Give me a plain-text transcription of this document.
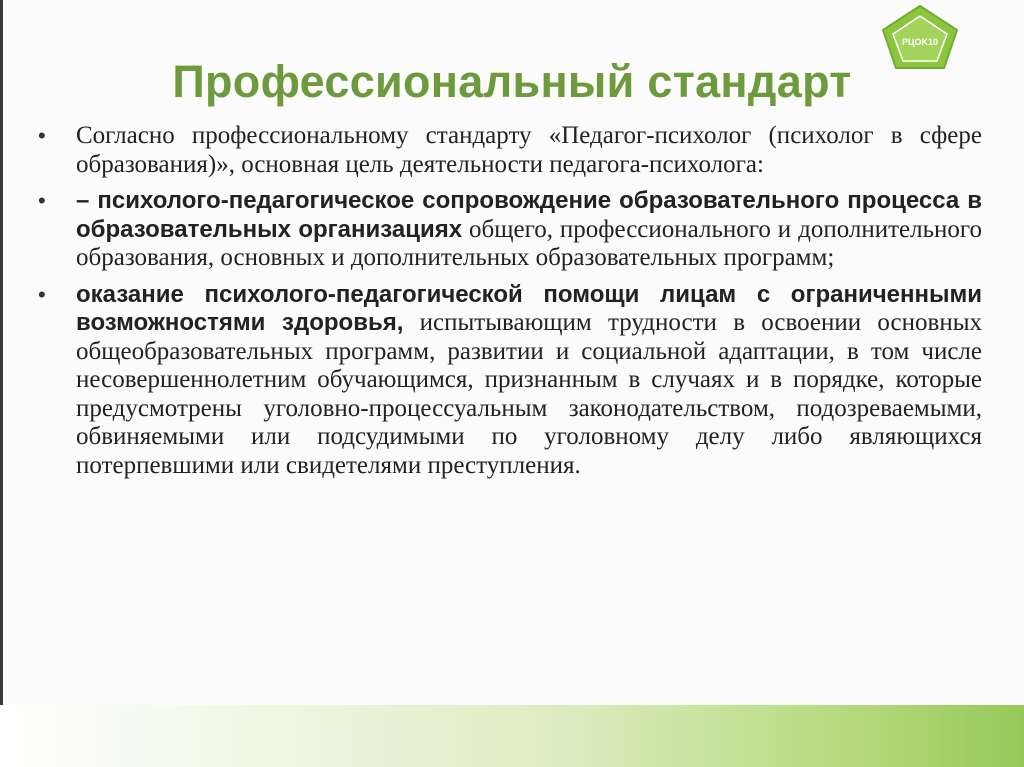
PЦOK10
Профессиональный стандарт
• Согласно профессиональному стандарту «Педагог-психолог (психолог в сфере образования)», основная цель деятельности педагога-психолога:
• – психолого-педагогическое сопровождение образовательного процесса в образовательных организациях общего, профессионального и дополнительного образования, основных и дополнительных образовательных программ;
• оказание психолого-педагогической помощи лицам с ограниченными возможностями здоровья, испытывающим трудности в освоении основных общеобразовательных программ, развитии и социальной адаптации, в том числе несовершеннолетним обучающимся, признанным в случаях и в порядке, которые предусмотрены уголовно-процессуальным законодательством, подозреваемыми, обвиняемыми или подсудимыми по уголовному делу либо являющихся потерпевшими или свидетелями преступления.
